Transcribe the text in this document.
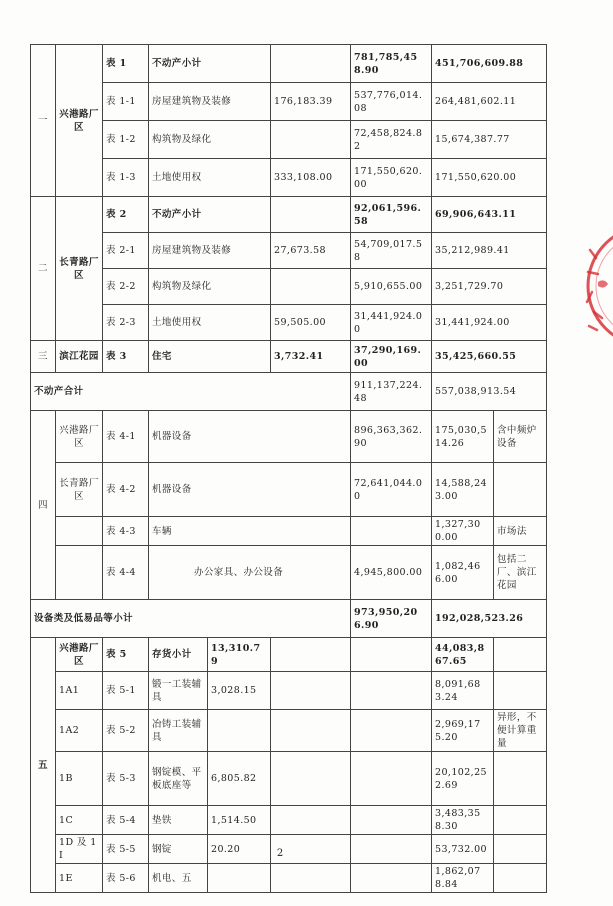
一	兴港路厂区	表 1	不动产小计			781,785,458.90	451,706,609.88	
		表 1-1	房屋建筑物及装修		176,183.39	537,776,014.08	264,481,602.11	
		表 1-2	构筑物及绿化			72,458,824.82	15,674,387.77	
		表 1-3	土地使用权		333,108.00	171,550,620.00	171,550,620.00	
二	长青路厂区	表 2	不动产小计			92,061,596.58	69,906,643.11	
		表 2-1	房屋建筑物及装修		27,673.58	54,709,017.58	35,212,989.41	
		表 2-2	构筑物及绿化			5,910,655.00	3,251,729.70	
		表 2-3	土地使用权		59,505.00	31,441,924.00	31,441,924.00	
三	滨江花园	表 3	住宅		3,732.41	37,290,169.00	35,425,660.55	
不动产合计						911,137,224.48	557,038,913.54	
四	兴港路厂区	表 4-1	机器设备			896,363,362.90	175,030,514.26	含中频炉设备
	长青路厂区	表 4-2	机器设备			72,641,044.00	14,588,243.00	
		表 4-3	车辆				1,327,300.00	市场法
		表 4-4	办公家具、办公设备			4,945,800.00	1,082,466.00	包括二厂、滨江花园
设备类及低易品等小计						973,950,206.90	192,028,523.26	
五	兴港路厂区	表 5	存货小计	13,310.79			44,083,867.65	
	1A1	表 5-1	锻一工装辅具	3,028.15			8,091,683.24	
	1A2	表 5-2	冶铸工装辅具				2,969,175.20	异形，不便计算重量
	1B	表 5-3	钢锭模、平板底座等	6,805.82			20,102,252.69	
	1C	表 5-4	垫铁	1,514.50			3,483,358.30	
	1D 及 1I	表 5-5	钢锭	20.20			53,732.00	
	1E	表 5-6	机电、五				1,862,078.84	
2
